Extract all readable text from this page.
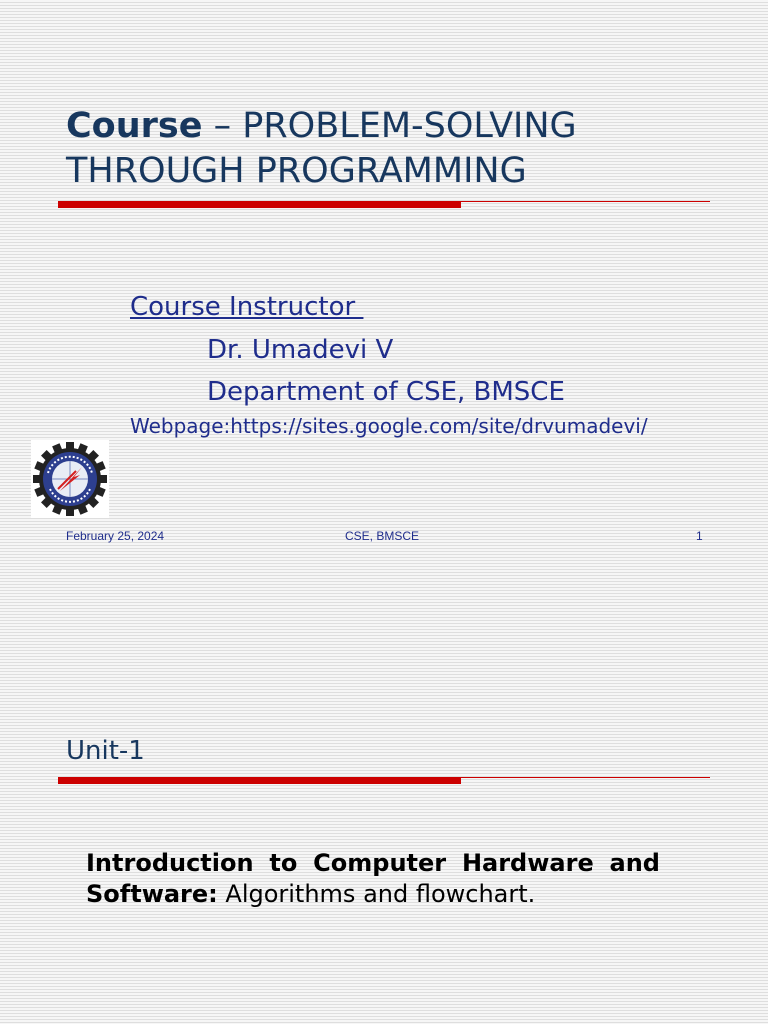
Course – PROBLEM-SOLVING THROUGH PROGRAMMING
Course Instructor
Dr. Umadevi V
Department of CSE, BMSCE
Webpage:https://sites.google.com/site/drvumadevi/
February 25, 2024	CSE, BMSCE	1
Unit-1
Introduction to Computer Hardware and Software: Algorithms and flowchart.
